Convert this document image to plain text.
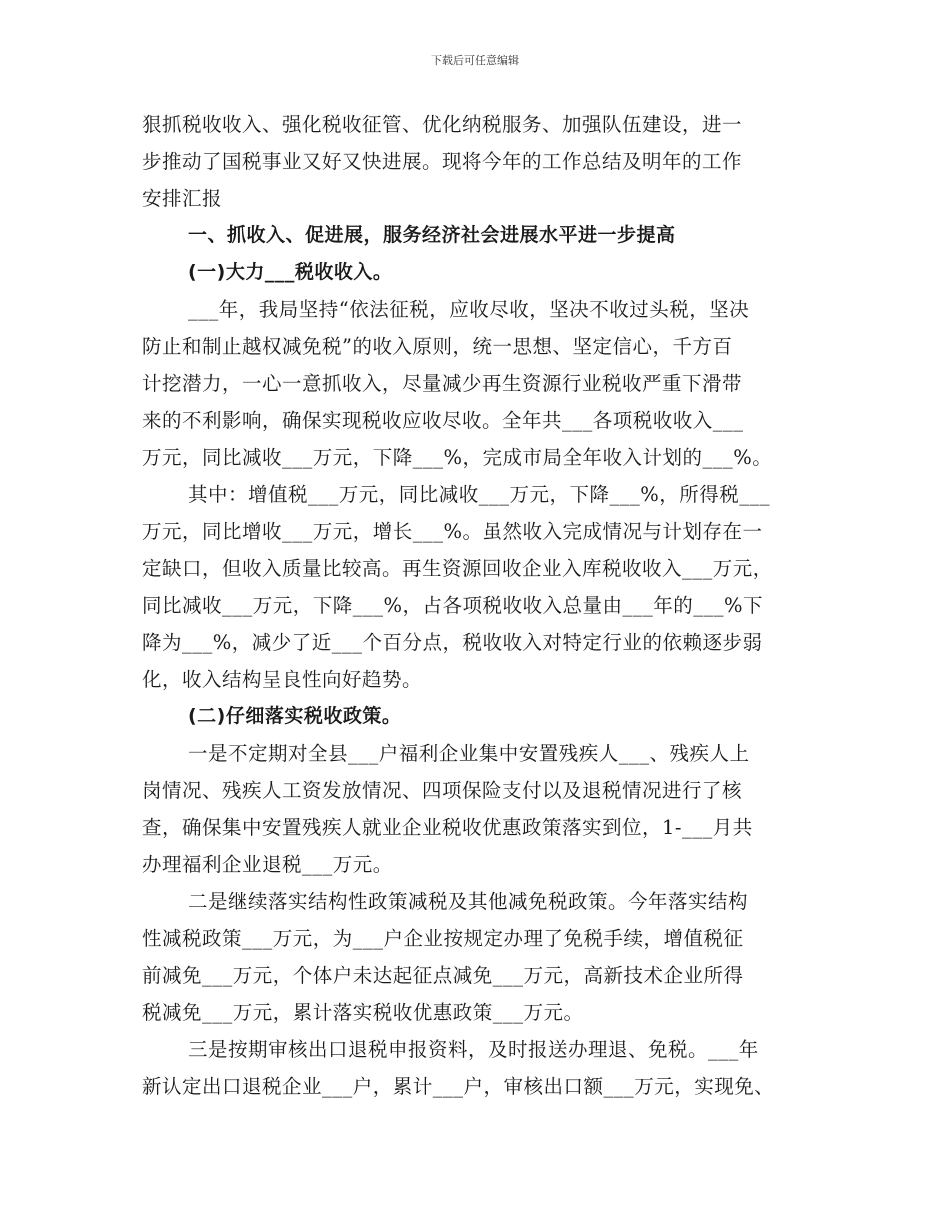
下载后可任意编辑
狠抓税收收入、强化税收征管、优化纳税服务、加强队伍建设，进一
步推动了国税事业又好又快进展。现将今年的工作总结及明年的工作
安排汇报
一、抓收入、促进展，服务经济社会进展水平进一步提高
(一)大力___税收收入。
___年，我局坚持“依法征税，应收尽收，坚决不收过头税，坚决
防止和制止越权减免税”的收入原则，统一思想、坚定信心，千方百
计挖潜力，一心一意抓收入，尽量减少再生资源行业税收严重下滑带
来的不利影响，确保实现税收应收尽收。全年共___各项税收收入___
万元，同比减收___万元，下降___%，完成市局全年收入计划的___%。
其中：增值税___万元，同比减收___万元，下降___%，所得税___
万元，同比增收___万元，增长___%。虽然收入完成情况与计划存在一
定缺口，但收入质量比较高。再生资源回收企业入库税收收入___万元，
同比减收___万元，下降___%，占各项税收收入总量由___年的___%下
降为___%，减少了近___个百分点，税收收入对特定行业的依赖逐步弱
化，收入结构呈良性向好趋势。
(二)仔细落实税收政策。
一是不定期对全县___户福利企业集中安置残疾人___、残疾人上
岗情况、残疾人工资发放情况、四项保险支付以及退税情况进行了核
查，确保集中安置残疾人就业企业税收优惠政策落实到位，1-___月共
办理福利企业退税___万元。
二是继续落实结构性政策减税及其他减免税政策。今年落实结构
性减税政策___万元，为___户企业按规定办理了免税手续，增值税征
前减免___万元，个体户未达起征点减免___万元，高新技术企业所得
税减免___万元，累计落实税收优惠政策___万元。
三是按期审核出口退税申报资料，及时报送办理退、免税。___年
新认定出口退税企业___户，累计___户，审核出口额___万元，实现免、
